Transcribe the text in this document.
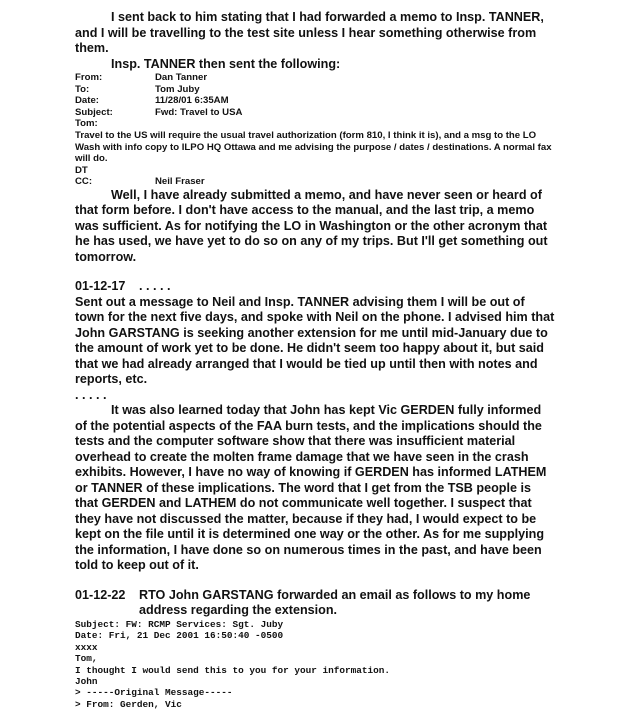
I sent back to him stating that I had forwarded a memo to Insp. TANNER, and I will be travelling to the test site unless I hear something otherwise from them.

Insp. TANNER then sent the following:

From:	Dan Tanner
To:	Tom Juby
Date:	11/28/01 6:35AM
Subject:	Fwd: Travel to USA
Tom:

Travel to the US will require the usual travel authorization (form 810, I think it is), and a msg to the LO Wash with info copy to ILPO HQ Ottawa and me advising the purpose / dates / destinations. A normal fax will do.

DT

CC:	Neil Fraser

Well, I have already submitted a memo, and have never seen or heard of that form before. I don't have access to the manual, and the last trip, a memo was sufficient. As for notifying the LO in Washington or the other acronym that he has used, we have yet to do so on any of my trips. But I'll get something out tomorrow.

01-12-17	. . . . .

Sent out a message to Neil and Insp. TANNER advising them I will be out of town for the next five days, and spoke with Neil on the phone. I advised him that John GARSTANG is seeking another extension for me until mid-January due to the amount of work yet to be done. He didn't seem too happy about it, but said that we had already arranged that I would be tied up until then with notes and reports, etc.

. . . . .

It was also learned today that John has kept Vic GERDEN fully informed of the potential aspects of the FAA burn tests, and the implications should the tests and the computer software show that there was insufficient material overhead to create the molten frame damage that we have seen in the crash exhibits. However, I have no way of knowing if GERDEN has informed LATHEM or TANNER of these implications. The word that I get from the TSB people is that GERDEN and LATHEM do not communicate well together. I suspect that they have not discussed the matter, because if they had, I would expect to be kept on the file until it is determined one way or the other. As for me supplying the information, I have done so on numerous times in the past, and have been told to keep out of it.

01-12-22	RTO John GARSTANG forwarded an email as follows to my home address regarding the extension.

Subject: FW: RCMP Services: Sgt. Juby

Date: Fri, 21 Dec 2001 16:50:40 -0500

xxxx

Tom,

I thought I would send this to you for your information.

John

> -----Original Message-----

> From: Gerden, Vic
